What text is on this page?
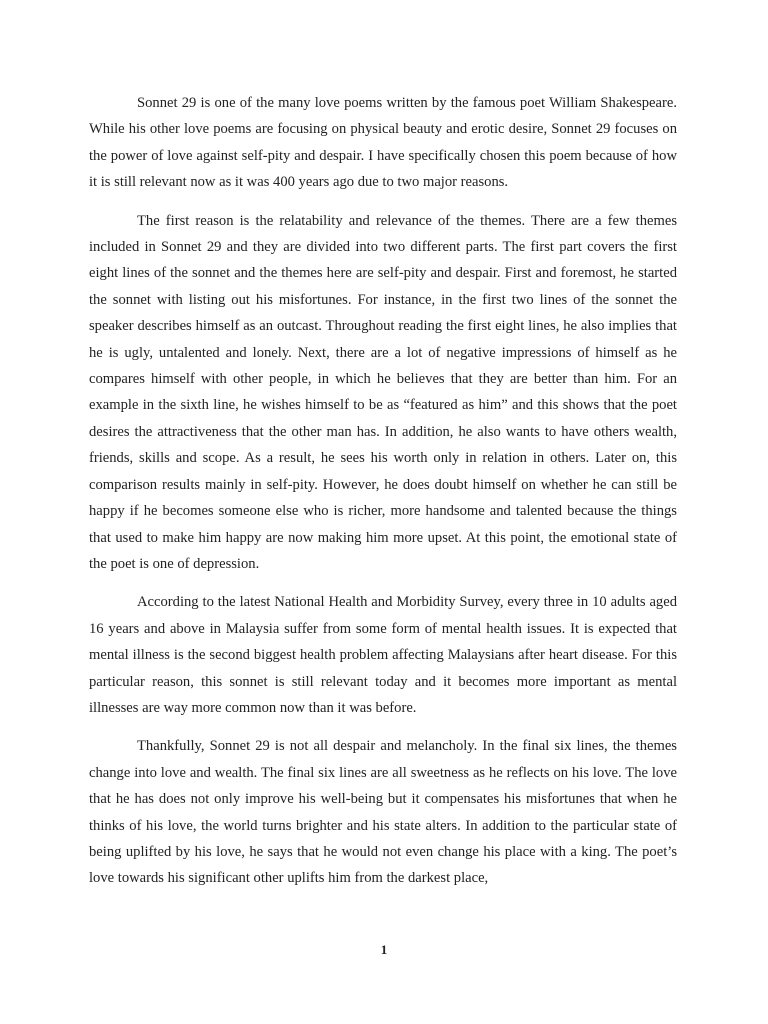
Sonnet 29 is one of the many love poems written by the famous poet William Shakespeare. While his other love poems are focusing on physical beauty and erotic desire, Sonnet 29 focuses on the power of love against self-pity and despair. I have specifically chosen this poem because of how it is still relevant now as it was 400 years ago due to two major reasons.

The first reason is the relatability and relevance of the themes. There are a few themes included in Sonnet 29 and they are divided into two different parts. The first part covers the first eight lines of the sonnet and the themes here are self-pity and despair. First and foremost, he started the sonnet with listing out his misfortunes. For instance, in the first two lines of the sonnet the speaker describes himself as an outcast. Throughout reading the first eight lines, he also implies that he is ugly, untalented and lonely. Next, there are a lot of negative impressions of himself as he compares himself with other people, in which he believes that they are better than him. For an example in the sixth line, he wishes himself to be as “featured as him” and this shows that the poet desires the attractiveness that the other man has. In addition, he also wants to have others wealth, friends, skills and scope. As a result, he sees his worth only in relation in others. Later on, this comparison results mainly in self-pity. However, he does doubt himself on whether he can still be happy if he becomes someone else who is richer, more handsome and talented because the things that used to make him happy are now making him more upset. At this point, the emotional state of the poet is one of depression.

According to the latest National Health and Morbidity Survey, every three in 10 adults aged 16 years and above in Malaysia suffer from some form of mental health issues. It is expected that mental illness is the second biggest health problem affecting Malaysians after heart disease. For this particular reason, this sonnet is still relevant today and it becomes more important as mental illnesses are way more common now than it was before.

Thankfully, Sonnet 29 is not all despair and melancholy. In the final six lines, the themes change into love and wealth. The final six lines are all sweetness as he reflects on his love. The love that he has does not only improve his well-being but it compensates his misfortunes that when he thinks of his love, the world turns brighter and his state alters. In addition to the particular state of being uplifted by his love, he says that he would not even change his place with a king. The poet’s love towards his significant other uplifts him from the darkest place,

1
